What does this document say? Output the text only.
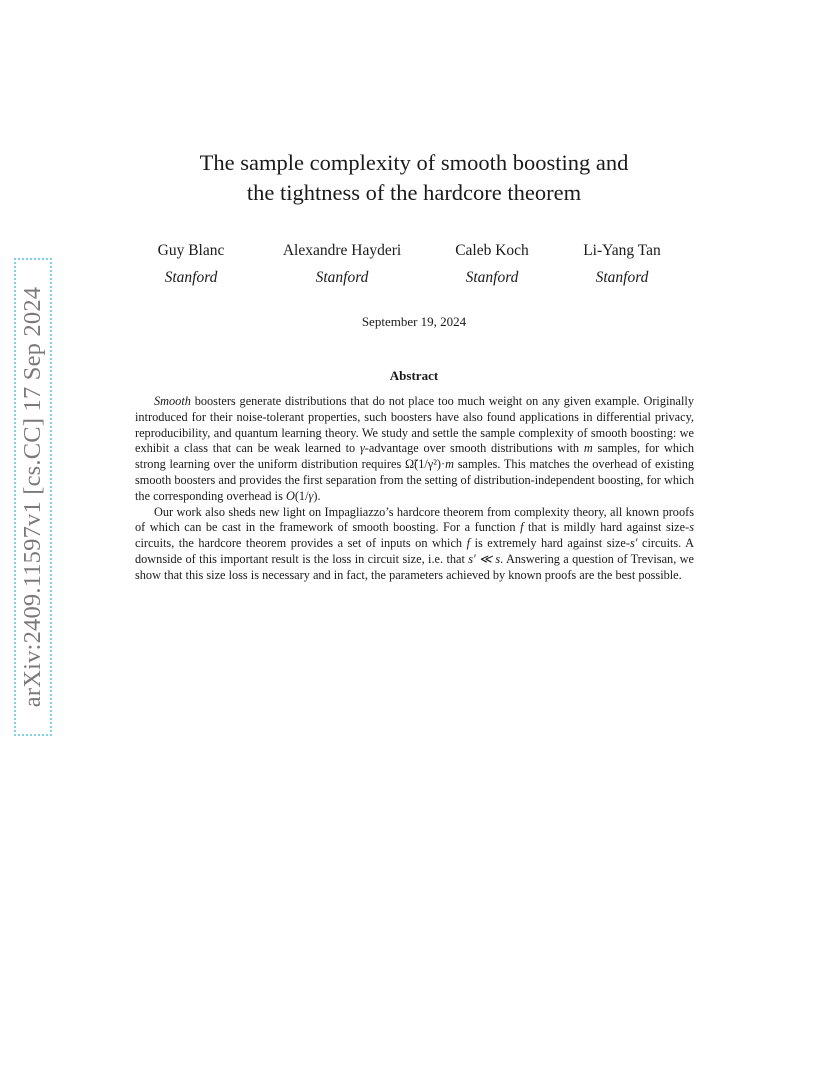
arXiv:2409.11597v1 [cs.CC] 17 Sep 2024
The sample complexity of smooth boosting and
the tightness of the hardcore theorem
Guy Blanc
Stanford
Alexandre Hayderi
Stanford
Caleb Koch
Stanford
Li-Yang Tan
Stanford
September 19, 2024
Abstract

Smooth boosters generate distributions that do not place too much weight on any given example. Originally introduced for their noise-tolerant properties, such boosters have also found applications in differential privacy, reproducibility, and quantum learning theory. We study and settle the sample complexity of smooth boosting: we exhibit a class that can be weak learned to γ-advantage over smooth distributions with m samples, for which strong learning over the uniform distribution requires Ω̃(1/γ²)·m samples. This matches the overhead of existing smooth boosters and provides the first separation from the setting of distribution-independent boosting, for which the corresponding overhead is O(1/γ).

Our work also sheds new light on Impagliazzo’s hardcore theorem from complexity theory, all known proofs of which can be cast in the framework of smooth boosting. For a function f that is mildly hard against size-s circuits, the hardcore theorem provides a set of inputs on which f is extremely hard against size-s′ circuits. A downside of this important result is the loss in circuit size, i.e. that s′ ≪ s. Answering a question of Trevisan, we show that this size loss is necessary and in fact, the parameters achieved by known proofs are the best possible.
